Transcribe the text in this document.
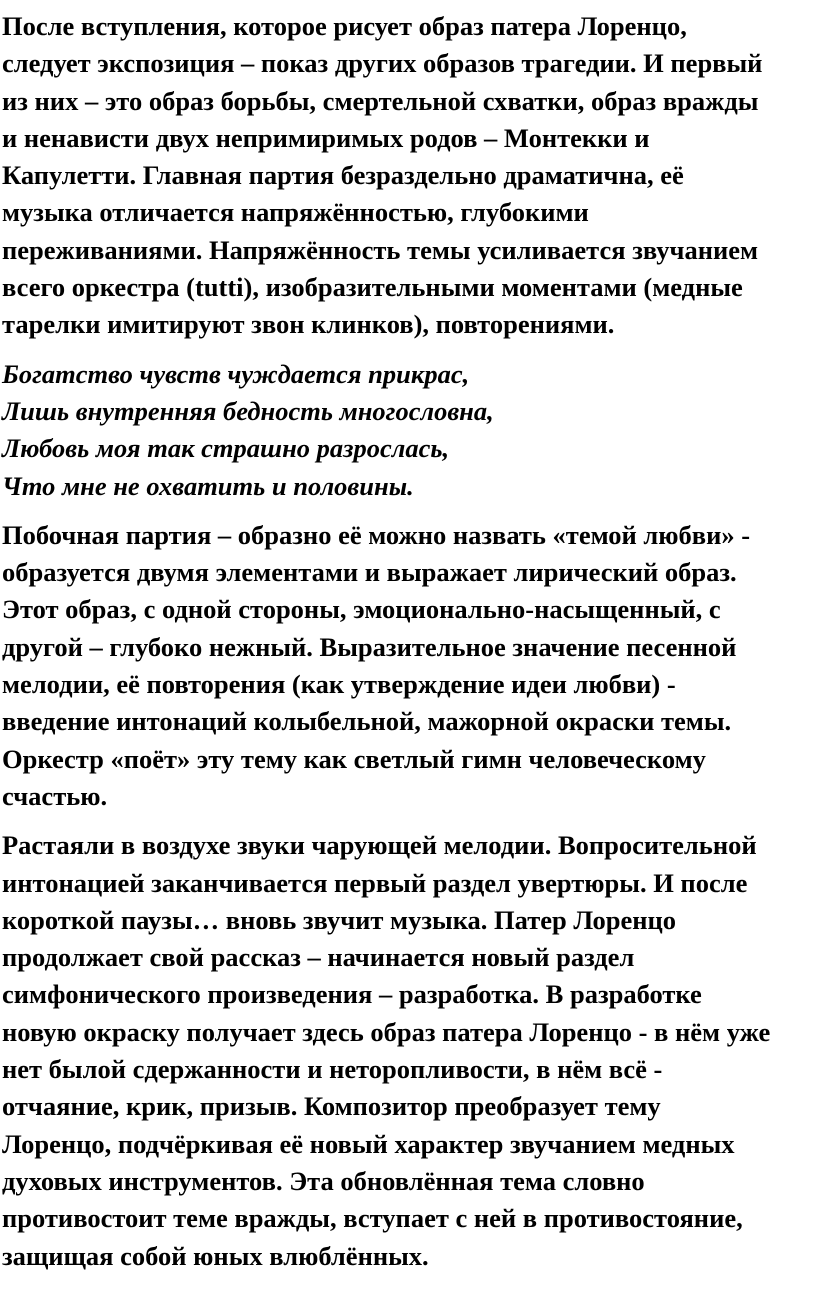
После вступления, которое рисует образ патера Лоренцо,
следует экспозиция – показ других образов трагедии. И первый
из них – это образ борьбы, смертельной схватки, образ вражды
и ненависти двух непримиримых родов – Монтекки и
Капулетти. Главная партия безраздельно драматична, её
музыка отличается напряжённостью, глубокими
переживаниями. Напряжённость темы усиливается звучанием
всего оркестра (tutti), изобразительными моментами (медные
тарелки имитируют звон клинков), повторениями.
Богатство чувств чуждается прикрас,
Лишь внутренняя бедность многословна,
Любовь моя так страшно разрослась,
Что мне не охватить и половины.
Побочная партия – образно её можно назвать «темой любви» -
образуется двумя элементами и выражает лирический образ.
Этот образ, с одной стороны, эмоционально-насыщенный, с
другой – глубоко нежный. Выразительное значение песенной
мелодии, её повторения (как утверждение идеи любви) -
введение интонаций колыбельной, мажорной окраски темы.
Оркестр «поёт» эту тему как светлый гимн человеческому
счастью.
Растаяли в воздухе звуки чарующей мелодии. Вопросительной
интонацией заканчивается первый раздел увертюры. И после
короткой паузы… вновь звучит музыка. Патер Лоренцо
продолжает свой рассказ – начинается новый раздел
симфонического произведения – разработка. В разработке
новую окраску получает здесь образ патера Лоренцо - в нём уже
нет былой сдержанности и неторопливости, в нём всё -
отчаяние, крик, призыв. Композитор преобразует тему
Лоренцо, подчёркивая её новый характер звучанием медных
духовых инструментов. Эта обновлённая тема словно
противостоит теме вражды, вступает с ней в противостояние,
защищая собой юных влюблённых.
